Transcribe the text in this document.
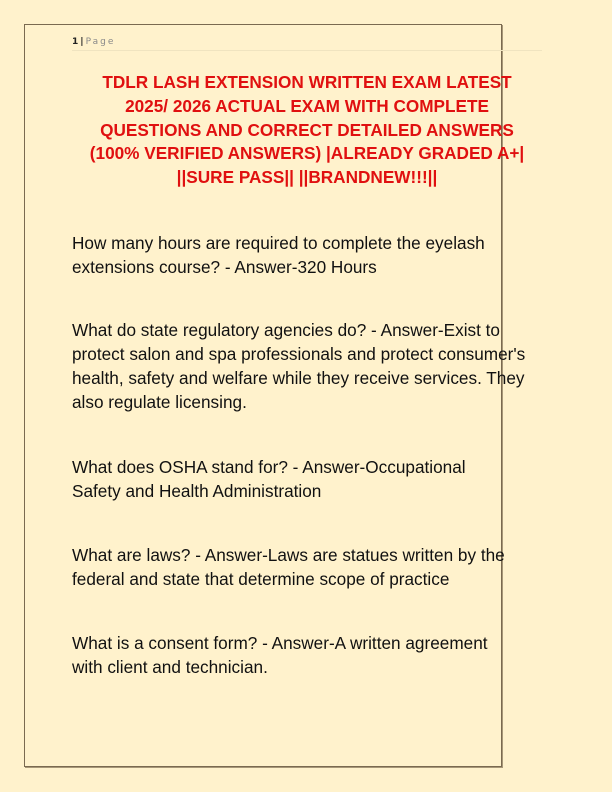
1 | Page
TDLR LASH EXTENSION WRITTEN EXAM LATEST
2025/ 2026 ACTUAL EXAM WITH COMPLETE
QUESTIONS AND CORRECT DETAILED ANSWERS
(100% VERIFIED ANSWERS) |ALREADY GRADED A+|
||SURE PASS|| ||BRANDNEW!!!||
How many hours are required to complete the eyelash extensions course? - Answer-320 Hours
What do state regulatory agencies do? - Answer-Exist to protect salon and spa professionals and protect consumer's health, safety and welfare while they receive services. They also regulate licensing.
What does OSHA stand for? - Answer-Occupational Safety and Health Administration
What are laws? - Answer-Laws are statues written by the federal and state that determine scope of practice
What is a consent form? - Answer-A written agreement with client and technician.
